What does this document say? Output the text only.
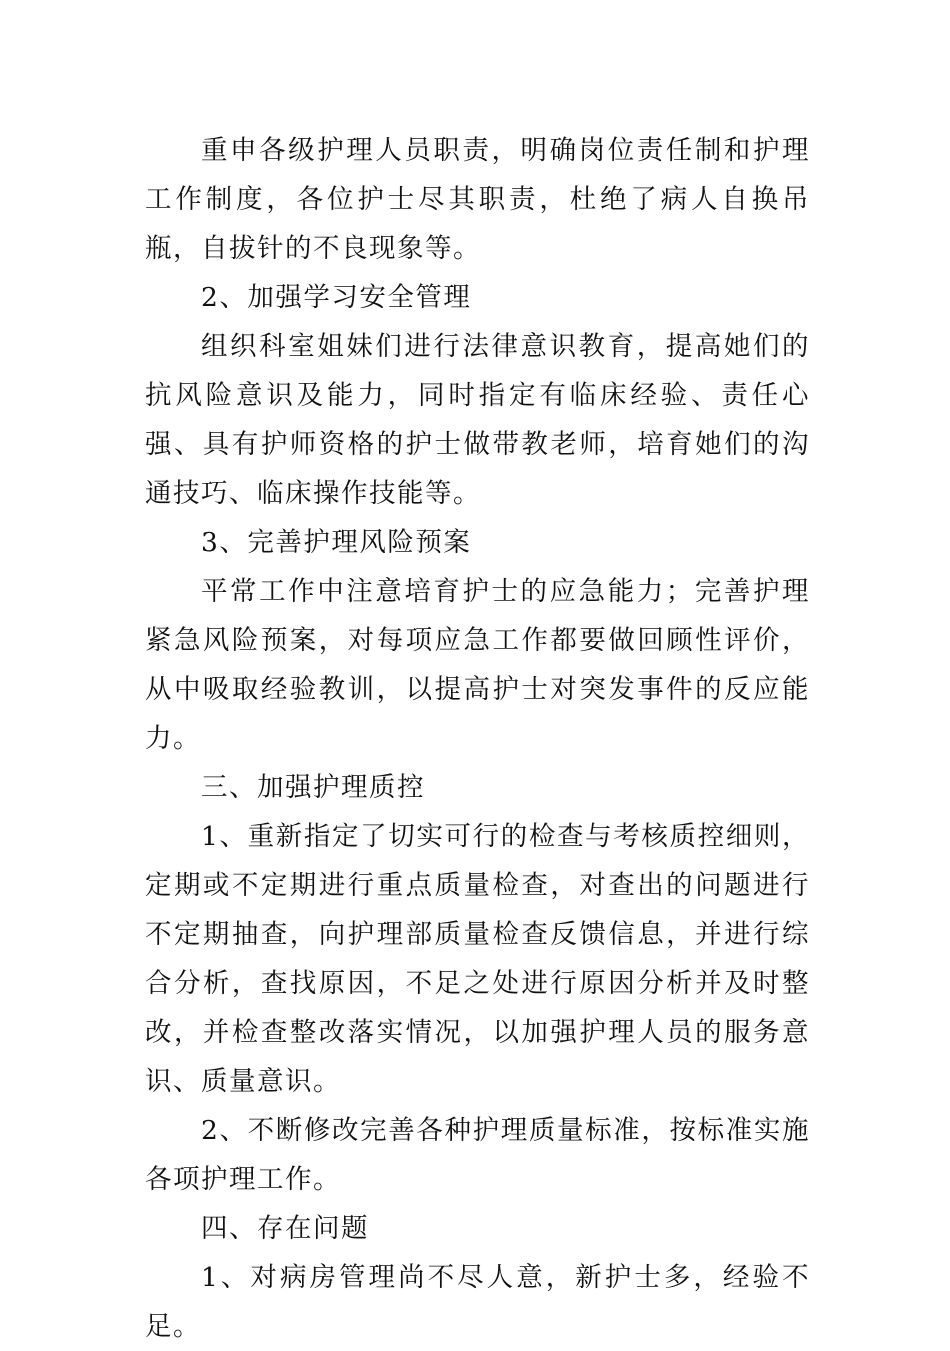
重申各级护理人员职责，明确岗位责任制和护理工作制度，各位护士尽其职责，杜绝了病人自换吊瓶，自拔针的不良现象等。

2、加强学习安全管理

组织科室姐妹们进行法律意识教育，提高她们的抗风险意识及能力，同时指定有临床经验、责任心强、具有护师资格的护士做带教老师，培育她们的沟通技巧、临床操作技能等。

3、完善护理风险预案

平常工作中注意培育护士的应急能力；完善护理紧急风险预案，对每项应急工作都要做回顾性评价，从中吸取经验教训，以提高护士对突发事件的反应能力。

三、加强护理质控

1、重新指定了切实可行的检查与考核质控细则，定期或不定期进行重点质量检查，对查出的问题进行不定期抽查，向护理部质量检查反馈信息，并进行综合分析，查找原因，不足之处进行原因分析并及时整改，并检查整改落实情况，以加强护理人员的服务意识、质量意识。

2、不断修改完善各种护理质量标准，按标准实施各项护理工作。

四、存在问题

1、对病房管理尚不尽人意，新护士多，经验不足。
